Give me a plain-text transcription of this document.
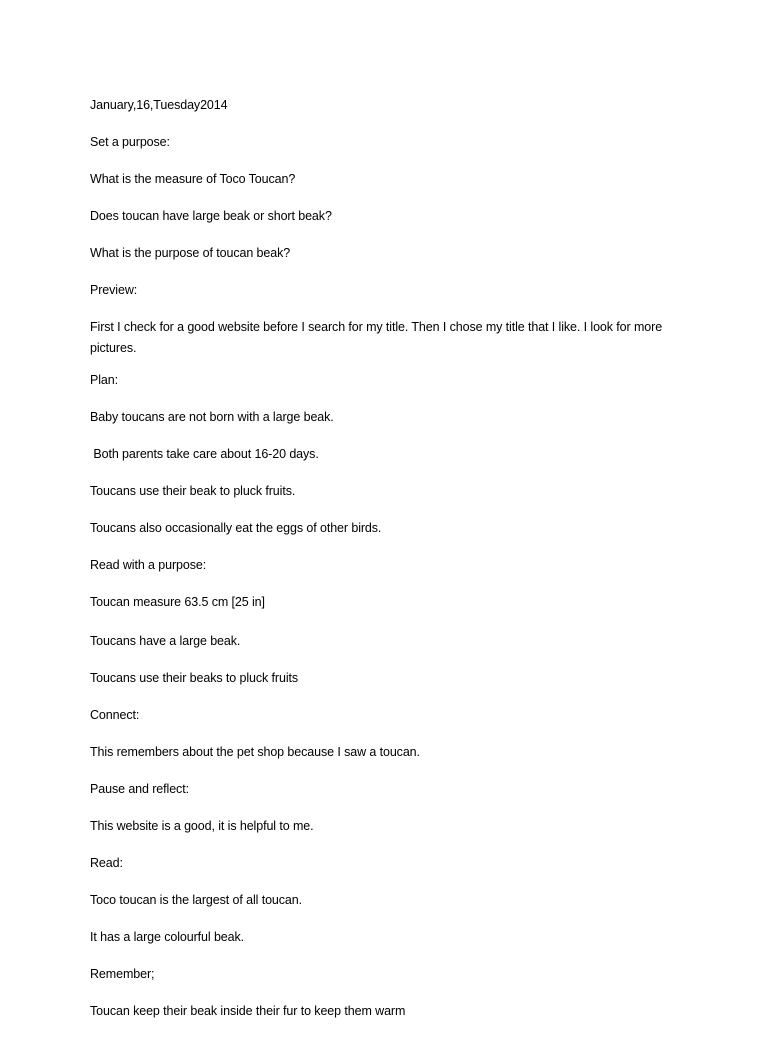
January,16,Tuesday2014

Set a purpose:

What is the measure of Toco Toucan?

Does toucan have large beak or short beak?

What is the purpose of toucan beak?

Preview:

First I check for a good website before I search for my title. Then I chose my title that I like. I look for more pictures.

Plan:

Baby toucans are not born with a large beak.

Both parents take care about 16-20 days.

Toucans use their beak to pluck fruits.

Toucans also occasionally eat the eggs of other birds.

Read with a purpose:

Toucan measure 63.5 cm [25 in]

Toucans have a large beak.

Toucans use their beaks to pluck fruits

Connect:

This remembers about the pet shop because I saw a toucan.

Pause and reflect:

This website is a good, it is helpful to me.

Read:

Toco toucan is the largest of all toucan.

It has a large colourful beak.

Remember;

Toucan keep their beak inside their fur to keep them warm
